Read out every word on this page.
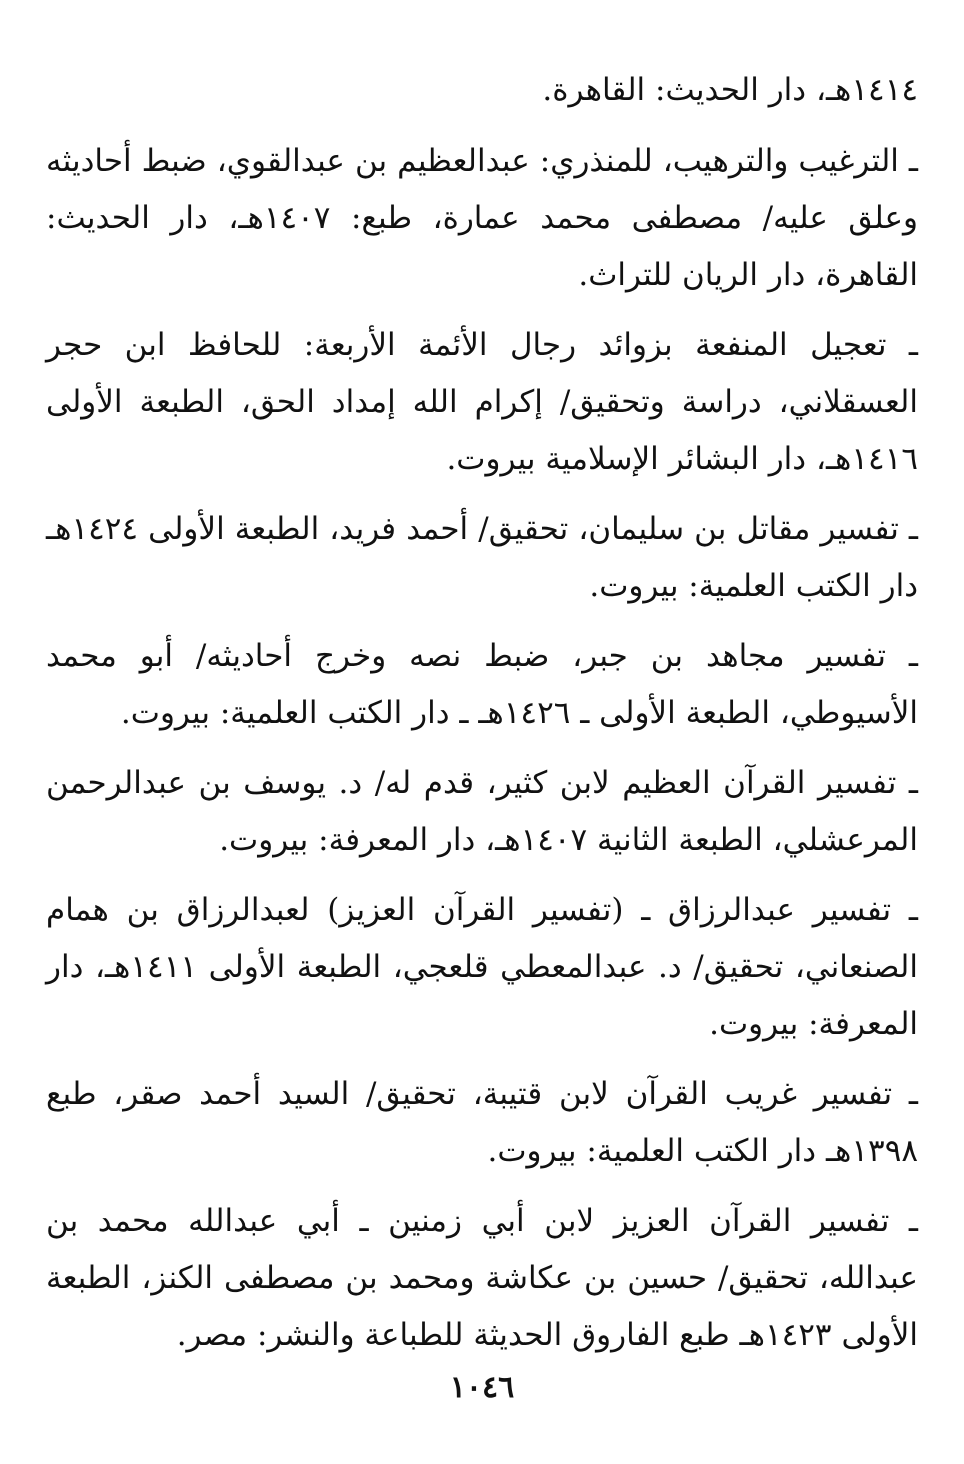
١٤١٤هـ، دار الحديث: القاهرة.

ـ الترغيب والترهيب، للمنذري: عبدالعظيم بن عبدالقوي، ضبط أحاديثه وعلق عليه/ مصطفى محمد عمارة، طبع: ١٤٠٧هـ، دار الحديث: القاهرة، دار الريان للتراث.

ـ تعجيل المنفعة بزوائد رجال الأئمة الأربعة: للحافظ ابن حجر العسقلاني، دراسة وتحقيق/ إكرام الله إمداد الحق، الطبعة الأولى ١٤١٦هـ، دار البشائر الإسلامية بيروت.

ـ تفسير مقاتل بن سليمان، تحقيق/ أحمد فريد، الطبعة الأولى ١٤٢٤هـ دار الكتب العلمية: بيروت.

ـ تفسير مجاهد بن جبر، ضبط نصه وخرج أحاديثه/ أبو محمد الأسيوطي، الطبعة الأولى ـ ١٤٢٦هـ ـ دار الكتب العلمية: بيروت.

ـ تفسير القرآن العظيم لابن كثير، قدم له/ د. يوسف بن عبدالرحمن المرعشلي، الطبعة الثانية ١٤٠٧هـ، دار المعرفة: بيروت.

ـ تفسير عبدالرزاق ـ (تفسير القرآن العزيز) لعبدالرزاق بن همام الصنعاني، تحقيق/ د. عبدالمعطي قلعجي، الطبعة الأولى ١٤١١هـ، دار المعرفة: بيروت.

ـ تفسير غريب القرآن لابن قتيبة، تحقيق/ السيد أحمد صقر، طبع ١٣٩٨هـ دار الكتب العلمية: بيروت.

ـ تفسير القرآن العزيز لابن أبي زمنين ـ أبي عبدالله محمد بن عبدالله، تحقيق/ حسين بن عكاشة ومحمد بن مصطفى الكنز، الطبعة الأولى ١٤٢٣هـ طبع الفاروق الحديثة للطباعة والنشر: مصر.

١٠٤٦
